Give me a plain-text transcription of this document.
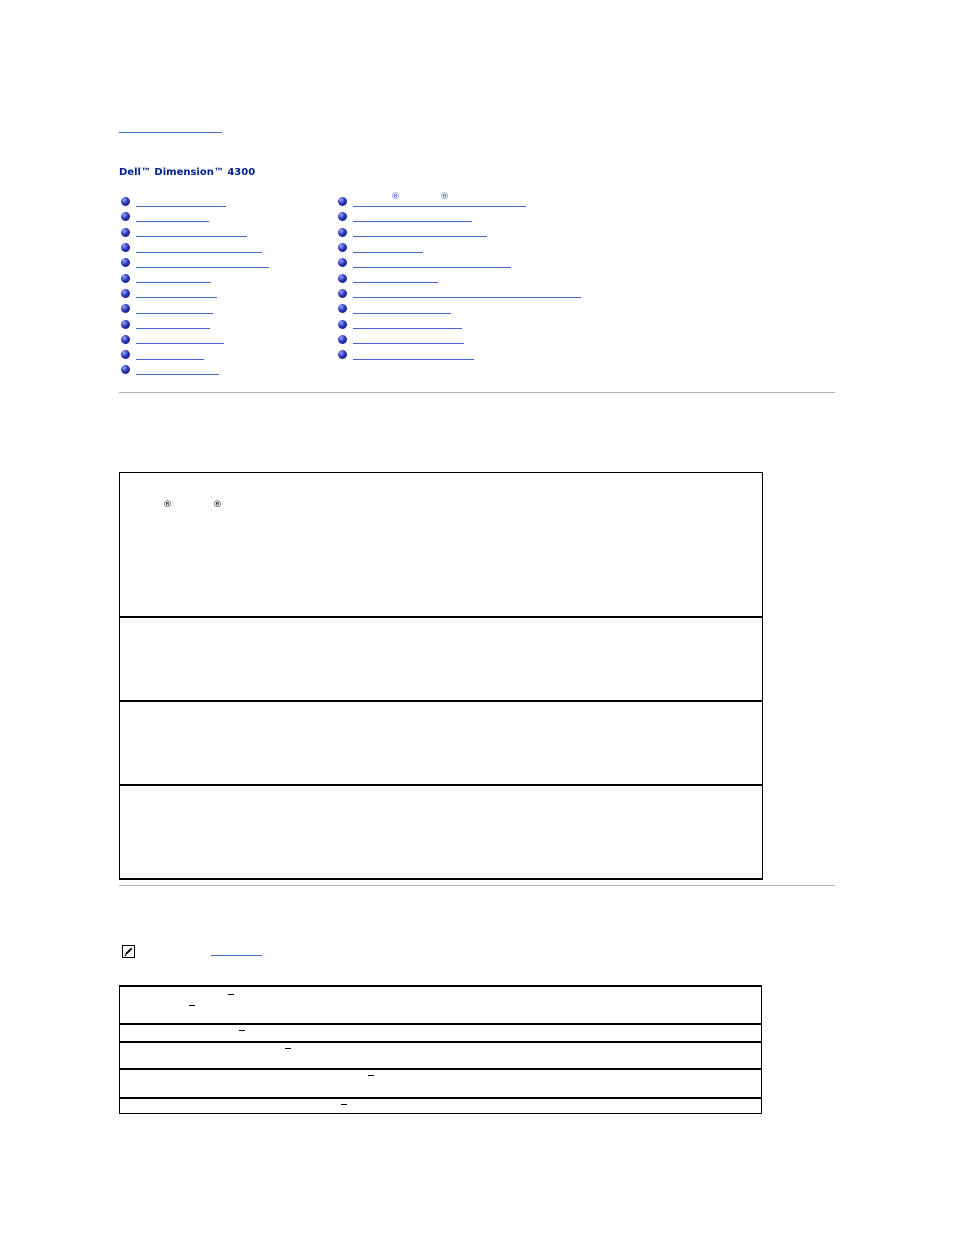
Dell™ Dimension™ 4300
®	®
®	®
